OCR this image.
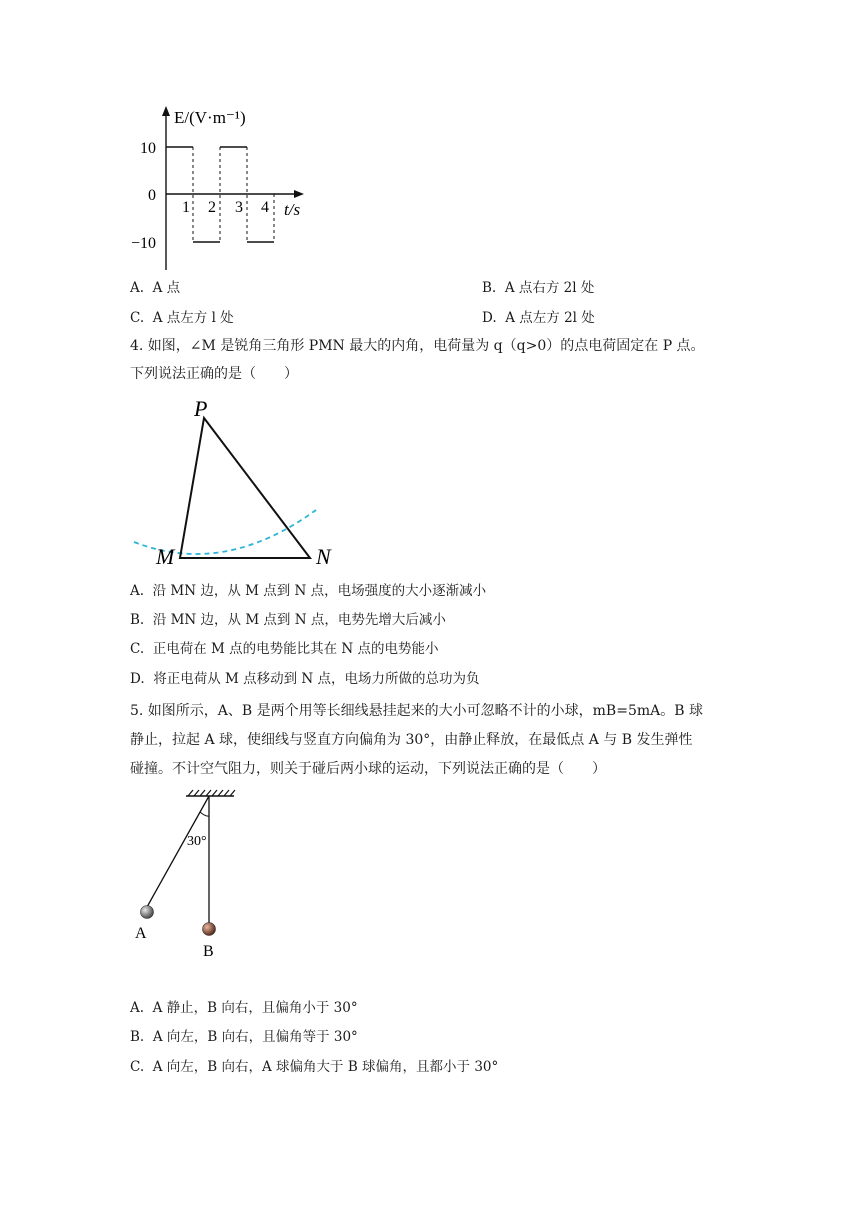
E/(V·m⁻¹)
10
0
−10
1 2 3 4 t/s
A. A 点	B. A 点右方 2l 处
C. A 点左方 l 处	D. A 点左方 2l 处
4. 如图，∠M 是锐角三角形 PMN 最大的内角，电荷量为 q（q>0）的点电荷固定在 P 点。
下列说法正确的是（　　）
P
M	N
A. 沿 MN 边，从 M 点到 N 点，电场强度的大小逐渐减小
B. 沿 MN 边，从 M 点到 N 点，电势先增大后减小
C. 正电荷在 M 点的电势能比其在 N 点的电势能小
D. 将正电荷从 M 点移动到 N 点，电场力所做的总功为负
5. 如图所示，A、B 是两个用等长细线悬挂起来的大小可忽略不计的小球，mB=5mA。B 球
静止，拉起 A 球，使细线与竖直方向偏角为 30°，由静止释放，在最低点 A 与 B 发生弹性
碰撞。不计空气阻力，则关于碰后两小球的运动，下列说法正确的是（　　）
30°
A
B
A. A 静止，B 向右，且偏角小于 30°
B. A 向左，B 向右，且偏角等于 30°
C. A 向左，B 向右，A 球偏角大于 B 球偏角，且都小于 30°
